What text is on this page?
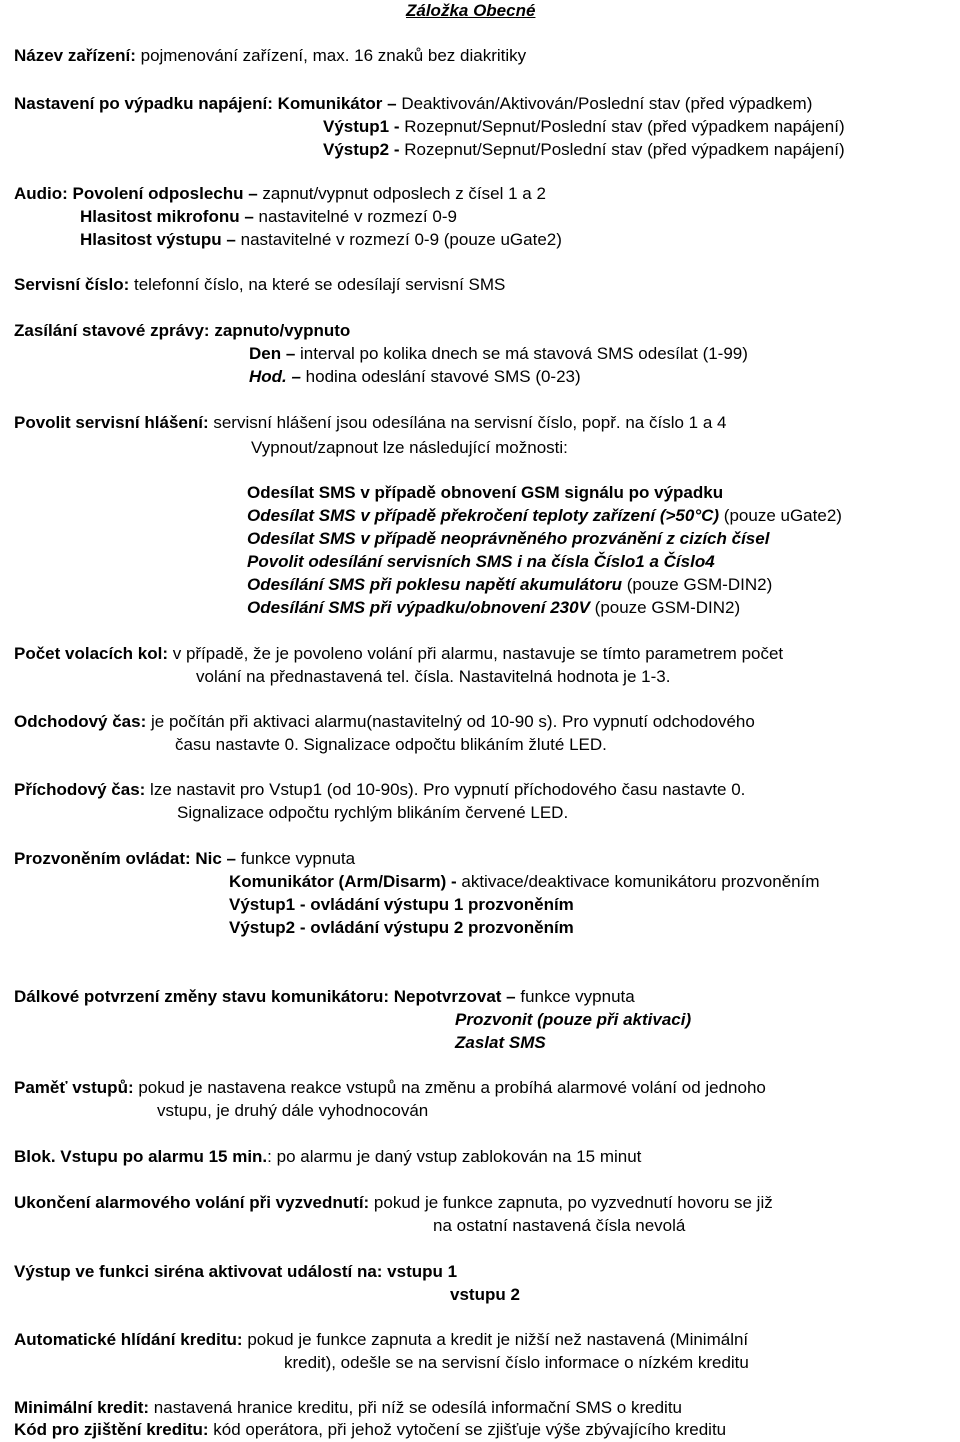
Záložka Obecné
Název zařízení: pojmenování zařízení, max. 16 znaků bez diakritiky
Nastavení po výpadku napájení: Komunikátor – Deaktivován/Aktivován/Poslední stav (před výpadkem)
Výstup1 - Rozepnut/Sepnut/Poslední stav (před výpadkem napájení)
Výstup2 - Rozepnut/Sepnut/Poslední stav (před výpadkem napájení)
Audio: Povolení odposlechu – zapnut/vypnut odposlech z čísel 1 a 2
Hlasitost mikrofonu – nastavitelné v rozmezí 0-9
Hlasitost výstupu – nastavitelné v rozmezí 0-9 (pouze uGate2)
Servisní číslo: telefonní číslo, na které se odesílají servisní SMS
Zasílání stavové zprávy: zapnuto/vypnuto
Den – interval po kolika dnech se má stavová SMS odesílat (1-99)
Hod. – hodina odeslání stavové SMS (0-23)
Povolit servisní hlášení: servisní hlášení jsou odesílána na servisní číslo, popř. na číslo 1 a 4
Vypnout/zapnout lze následující možnosti:
Odesílat SMS v případě obnovení GSM signálu po výpadku
Odesílat SMS v případě překročení teploty zařízení (>50°C) (pouze uGate2)
Odesílat SMS v případě neoprávněného prozvánění z cizích čísel
Povolit odesílání servisních SMS i na čísla Číslo1 a Číslo4
Odesílání SMS při poklesu napětí akumulátoru (pouze GSM-DIN2)
Odesílání SMS při výpadku/obnovení 230V (pouze GSM-DIN2)
Počet volacích kol: v případě, že je povoleno volání při alarmu, nastavuje se tímto parametrem počet
volání na přednastavená tel. čísla. Nastavitelná hodnota je 1-3.
Odchodový čas: je počítán při aktivaci alarmu(nastavitelný od 10-90 s). Pro vypnutí odchodového
času nastavte 0. Signalizace odpočtu blikáním žluté LED.
Příchodový čas: lze nastavit pro Vstup1 (od 10-90s). Pro vypnutí příchodového času nastavte 0.
Signalizace odpočtu rychlým blikáním červené LED.
Prozvoněním ovládat: Nic – funkce vypnuta
Komunikátor (Arm/Disarm) - aktivace/deaktivace komunikátoru prozvoněním
Výstup1 - ovládání výstupu 1 prozvoněním
Výstup2 - ovládání výstupu 2 prozvoněním
Dálkové potvrzení změny stavu komunikátoru: Nepotvrzovat – funkce vypnuta
Prozvonit (pouze při aktivaci)
Zaslat SMS
Paměť vstupů: pokud je nastavena reakce vstupů na změnu a probíhá alarmové volání od jednoho
vstupu, je druhý dále vyhodnocován
Blok. Vstupu po alarmu 15 min.: po alarmu je daný vstup zablokován na 15 minut
Ukončení alarmového volání při vyzvednutí: pokud je funkce zapnuta, po vyzvednutí hovoru se již
na ostatní nastavená čísla nevolá
Výstup ve funkci siréna aktivovat událostí na: vstupu 1
vstupu 2
Automatické hlídání kreditu: pokud je funkce zapnuta a kredit je nižší než nastavená (Minimální
kredit), odešle se na servisní číslo informace o nízkém kreditu
Minimální kredit: nastavená hranice kreditu, při níž se odesílá informační SMS o kreditu
Kód pro zjištění kreditu: kód operátora, při jehož vytočení se zjišťuje výše zbývajícího kreditu
